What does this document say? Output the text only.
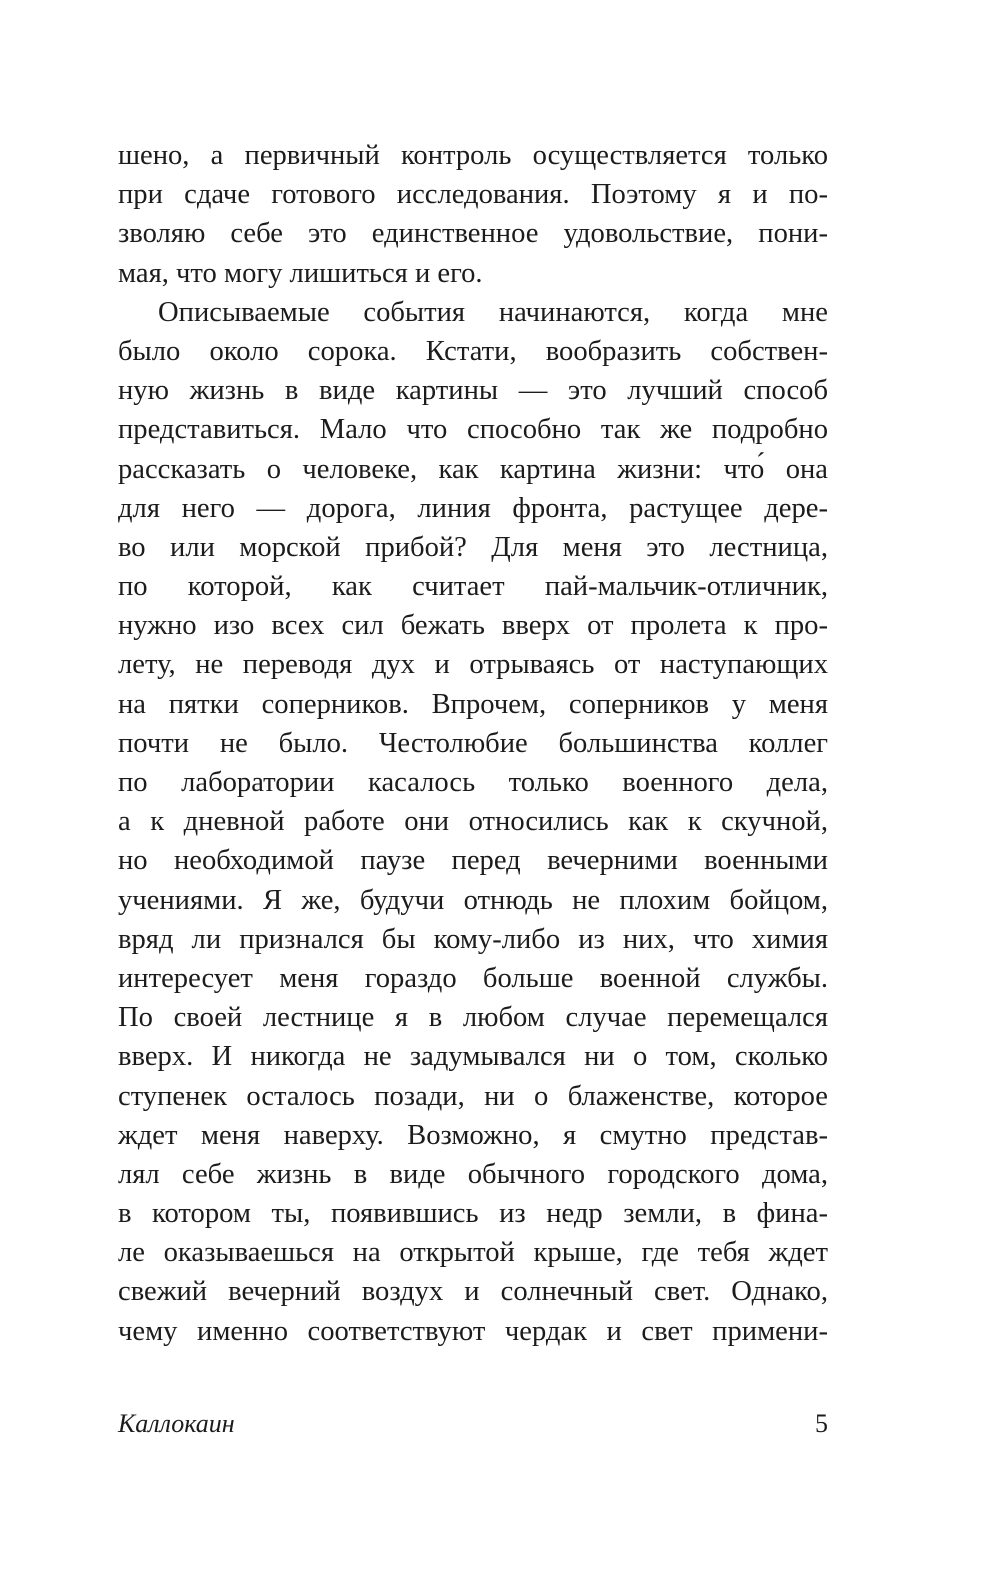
шено, а первичный контроль осуществляется только
при сдаче готового исследования. Поэтому я и по-
зволяю себе это единственное удовольствие, пони-
мая, что могу лишиться и его.
Описываемые события начинаются, когда мне
было около сорока. Кстати, вообразить собствен-
ную жизнь в виде картины — это лучший способ
представиться. Мало что способно так же подробно
рассказать о человеке, как картина жизни: что́ она
для него — дорога, линия фронта, растущее дере-
во или морской прибой? Для меня это лестница,
по которой, как считает пай-мальчик-отличник,
нужно изо всех сил бежать вверх от пролета к про-
лету, не переводя дух и отрываясь от наступающих
на пятки соперников. Впрочем, соперников у меня
почти не было. Честолюбие большинства коллег
по лаборатории касалось только военного дела,
а к дневной работе они относились как к скучной,
но необходимой паузе перед вечерними военными
учениями. Я же, будучи отнюдь не плохим бойцом,
вряд ли признался бы кому-либо из них, что химия
интересует меня гораздо больше военной службы.
По своей лестнице я в любом случае перемещался
вверх. И никогда не задумывался ни о том, сколько
ступенек осталось позади, ни о блаженстве, которое
ждет меня наверху. Возможно, я смутно представ-
лял себе жизнь в виде обычного городского дома,
в котором ты, появившись из недр земли, в фина-
ле оказываешься на открытой крыше, где тебя ждет
свежий вечерний воздух и солнечный свет. Однако,
чему именно соответствуют чердак и свет примени-
Каллокаин	5
